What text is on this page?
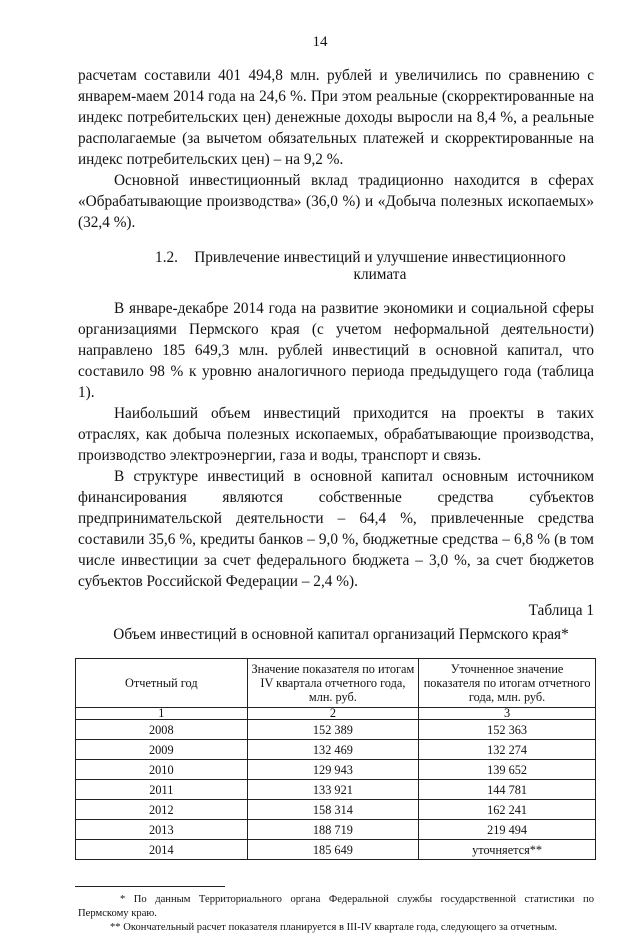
14

расчетам составили 401 494,8 млн. рублей и увеличились по сравнению с январем-маем 2014 года на 24,6 %. При этом реальные (скорректированные на индекс потребительских цен) денежные доходы выросли на 8,4 %, а реальные располагаемые (за вычетом обязательных платежей и скорректированные на индекс потребительских цен) – на 9,2 %.

Основной инвестиционный вклад традиционно находится в сферах «Обрабатывающие производства» (36,0 %) и «Добыча полезных ископаемых» (32,4 %).

1.2.	Привлечение инвестиций и улучшение инвестиционного климата

В январе-декабре 2014 года на развитие экономики и социальной сферы организациями Пермского края (с учетом неформальной деятельности) направлено 185 649,3 млн. рублей инвестиций в основной капитал, что составило 98 % к уровню аналогичного периода предыдущего года (таблица 1).

Наибольший объем инвестиций приходится на проекты в таких отраслях, как добыча полезных ископаемых, обрабатывающие производства, производство электроэнергии, газа и воды, транспорт и связь.

В структуре инвестиций в основной капитал основным источником финансирования являются собственные средства субъектов предпринимательской деятельности – 64,4 %, привлеченные средства составили 35,6 %, кредиты банков – 9,0 %, бюджетные средства – 6,8 % (в том числе инвестиции за счет федерального бюджета – 3,0 %, за счет бюджетов субъектов Российской Федерации – 2,4 %).

Таблица 1
Объем инвестиций в основной капитал организаций Пермского края*
Отчетный год	Значение показателя по итогам IV квартала отчетного года, млн. руб.	Уточненное значение показателя по итогам отчетного года, млн. руб.
1	2	3
2008	152 389	152 363
2009	132 469	132 274
2010	129 943	139 652
2011	133 921	144 781
2012	158 314	162 241
2013	188 719	219 494
2014	185 649	уточняется**

* По данным Территориального органа Федеральной службы государственной статистики по Пермскому краю.

** Окончательный расчет показателя планируется в III-IV квартале года, следующего за отчетным.
